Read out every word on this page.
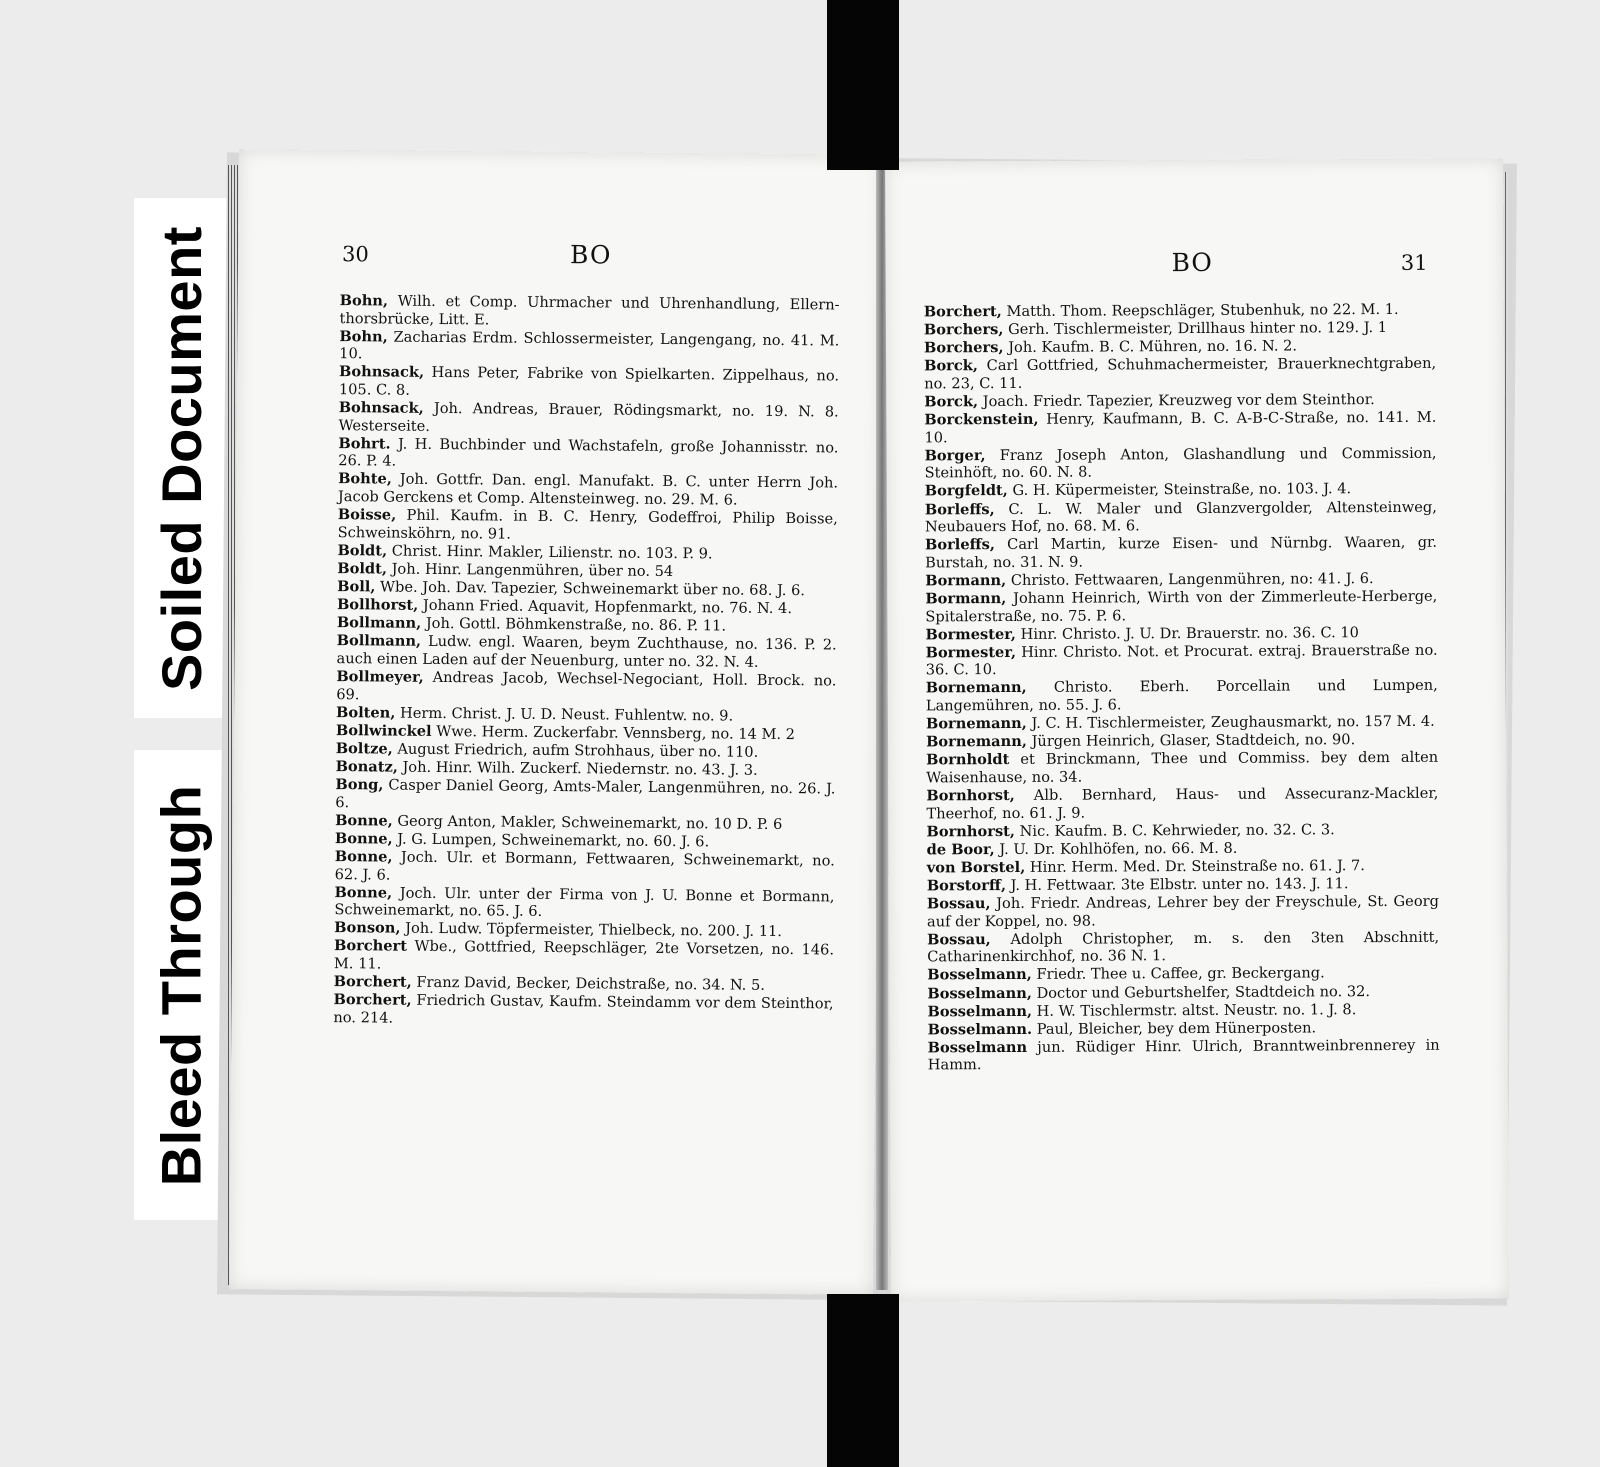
Soiled Document
Bleed Through
30	BO
Bohn, Wilh. et Comp. Uhrmacher und Uhrenhandlung, Ellern-thorsbrücke, Litt. E.
Bohn, Zacharias Erdm. Schlossermeister, Langengang, no. 41. M. 10.
Bohnsack, Hans Peter, Fabrike von Spielkarten. Zippelhaus, no. 105. C. 8.
Bohnsack, Joh. Andreas, Brauer, Rödingsmarkt, no. 19. N. 8. Westerseite.
Bohrt. J. H. Buchbinder und Wachstafeln, große Johannisstr. no. 26. P. 4.
Bohte, Joh. Gottfr. Dan. engl. Manufakt. B. C. unter Herrn Joh. Jacob Gerckens et Comp. Altensteinweg. no. 29. M. 6.
Boisse, Phil. Kaufm. in B. C. Henry, Godeffroi, Philip Boisse, Schweinsköhrn, no. 91.
Boldt, Christ. Hinr. Makler, Lilienstr. no. 103. P. 9.
Boldt, Joh. Hinr. Langenmühren, über no. 54
Boll, Wbe. Joh. Dav. Tapezier, Schweinemarkt über no. 68. J. 6.
Bollhorst, Johann Fried. Aquavit, Hopfenmarkt, no. 76. N. 4.
Bollmann, Joh. Gottl. Böhmkenstraße, no. 86. P. 11.
Bollmann, Ludw. engl. Waaren, beym Zuchthause, no. 136. P. 2. auch einen Laden auf der Neuenburg, unter no. 32. N. 4.
Bollmeyer, Andreas Jacob, Wechsel-Negociant, Holl. Brock. no. 69.
Bolten, Herm. Christ. J. U. D. Neust. Fuhlentw. no. 9.
Bollwinckel Wwe. Herm. Zuckerfabr. Vennsberg, no. 14 M. 2
Boltze, August Friedrich, aufm Strohhaus, über no. 110.
Bonatz, Joh. Hinr. Wilh. Zuckerf. Niedernstr. no. 43. J. 3.
Bong, Casper Daniel Georg, Amts-Maler, Langenmühren, no. 26. J. 6.
Bonne, Georg Anton, Makler, Schweinemarkt, no. 10 D. P. 6
Bonne, J. G. Lumpen, Schweinemarkt, no. 60. J. 6.
Bonne, Joch. Ulr. et Bormann, Fettwaaren, Schweinemarkt, no. 62. J. 6.
Bonne, Joch. Ulr. unter der Firma von J. U. Bonne et Bormann, Schweinemarkt, no. 65. J. 6.
Bonson, Joh. Ludw. Töpfermeister, Thielbeck, no. 200. J. 11.
Borchert Wbe., Gottfried, Reepschläger, 2te Vorsetzen, no. 146. M. 11.
Borchert, Franz David, Becker, Deichstraße, no. 34. N. 5.
Borchert, Friedrich Gustav, Kaufm. Steindamm vor dem Steinthor, no. 214.
31
BO
Borchert, Matth. Thom. Reepschläger, Stubenhuk, no 22. M. 1.
Borchers, Gerh. Tischlermeister, Drillhaus hinter no. 129. J. 1
Borchers, Joh. Kaufm. B. C. Mühren, no. 16. N. 2.
Borck, Carl Gottfried, Schuhmachermeister, Brauerknechtgraben, no. 23, C. 11.
Borck, Joach. Friedr. Tapezier, Kreuzweg vor dem Steinthor.
Borckenstein, Henry, Kaufmann, B. C. A-B-C-Straße, no. 141. M. 10.
Borger, Franz Joseph Anton, Glashandlung und Commission, Steinhöft, no. 60. N. 8.
Borgfeldt, G. H. Küpermeister, Steinstraße, no. 103. J. 4.
Borleffs, C. L. W. Maler und Glanzvergolder, Altensteinweg, Neubauers Hof, no. 68. M. 6.
Borleffs, Carl Martin, kurze Eisen- und Nürnbg. Waaren, gr. Burstah, no. 31. N. 9.
Bormann, Christo. Fettwaaren, Langenmühren, no: 41. J. 6.
Bormann, Johann Heinrich, Wirth von der Zimmerleute-Herberge, Spitalerstraße, no. 75. P. 6.
Bormester, Hinr. Christo. J. U. Dr. Brauerstr. no. 36. C. 10
Bormester, Hinr. Christo. Not. et Procurat. extraj. Brauerstraße no. 36. C. 10.
Bornemann, Christo. Eberh. Porcellain und Lumpen, Langemühren, no. 55. J. 6.
Bornemann, J. C. H. Tischlermeister, Zeughausmarkt, no. 157 M. 4.
Bornemann, Jürgen Heinrich, Glaser, Stadtdeich, no. 90.
Bornholdt et Brinckmann, Thee und Commiss. bey dem alten Waisenhause, no. 34.
Bornhorst, Alb. Bernhard, Haus- und Assecuranz-Mackler, Theerhof, no. 61. J. 9.
Bornhorst, Nic. Kaufm. B. C. Kehrwieder, no. 32. C. 3.
de Boor, J. U. Dr. Kohlhöfen, no. 66. M. 8.
von Borstel, Hinr. Herm. Med. Dr. Steinstraße no. 61. J. 7.
Borstorff, J. H. Fettwaar. 3te Elbstr. unter no. 143. J. 11.
Bossau, Joh. Friedr. Andreas, Lehrer bey der Freyschule, St. Georg auf der Koppel, no. 98.
Bossau, Adolph Christopher, m. s. den 3ten Abschnitt, Catharinenkirchhof, no. 36 N. 1.
Bosselmann, Friedr. Thee u. Caffee, gr. Beckergang.
Bosselmann, Doctor und Geburtshelfer, Stadtdeich no. 32.
Bosselmann, H. W. Tischlermstr. altst. Neustr. no. 1. J. 8.
Bosselmann. Paul, Bleicher, bey dem Hünerposten.
Bosselmann jun. Rüdiger Hinr. Ulrich, Branntweinbrennerey in Hamm.
